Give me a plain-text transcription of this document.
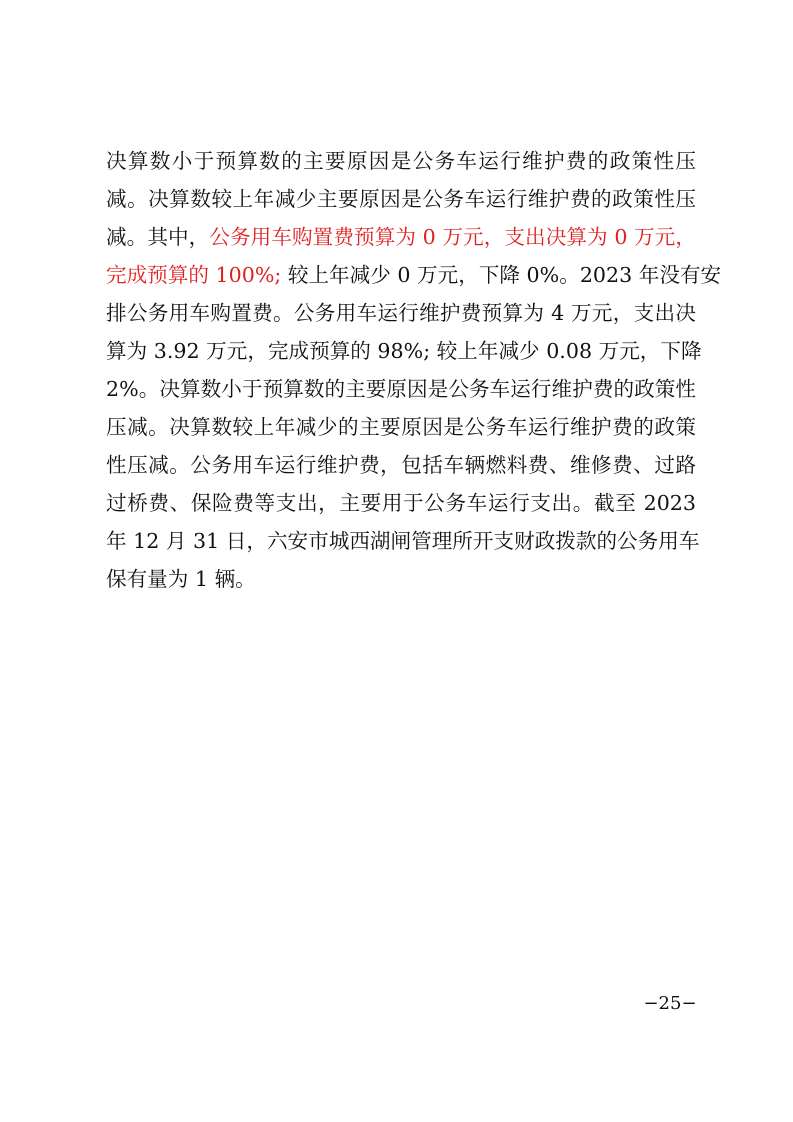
决算数小于预算数的主要原因是公务车运行维护费的政策性压
减。决算数较上年减少主要原因是公务车运行维护费的政策性压
减。其中，公务用车购置费预算为 0 万元，支出决算为 0 万元，
完成预算的 100%; 较上年减少 0 万元，下降 0%。2023 年没有安
排公务用车购置费。公务用车运行维护费预算为 4 万元，支出决
算为 3.92 万元，完成预算的 98%; 较上年减少 0.08 万元，下降
2%。决算数小于预算数的主要原因是公务车运行维护费的政策性
压减。决算数较上年减少的主要原因是公务车运行维护费的政策
性压减。公务用车运行维护费，包括车辆燃料费、维修费、过路
过桥费、保险费等支出，主要用于公务车运行支出。截至 2023
年 12 月 31 日，六安市城西湖闸管理所开支财政拨款的公务用车
保有量为 1 辆。
−25−
